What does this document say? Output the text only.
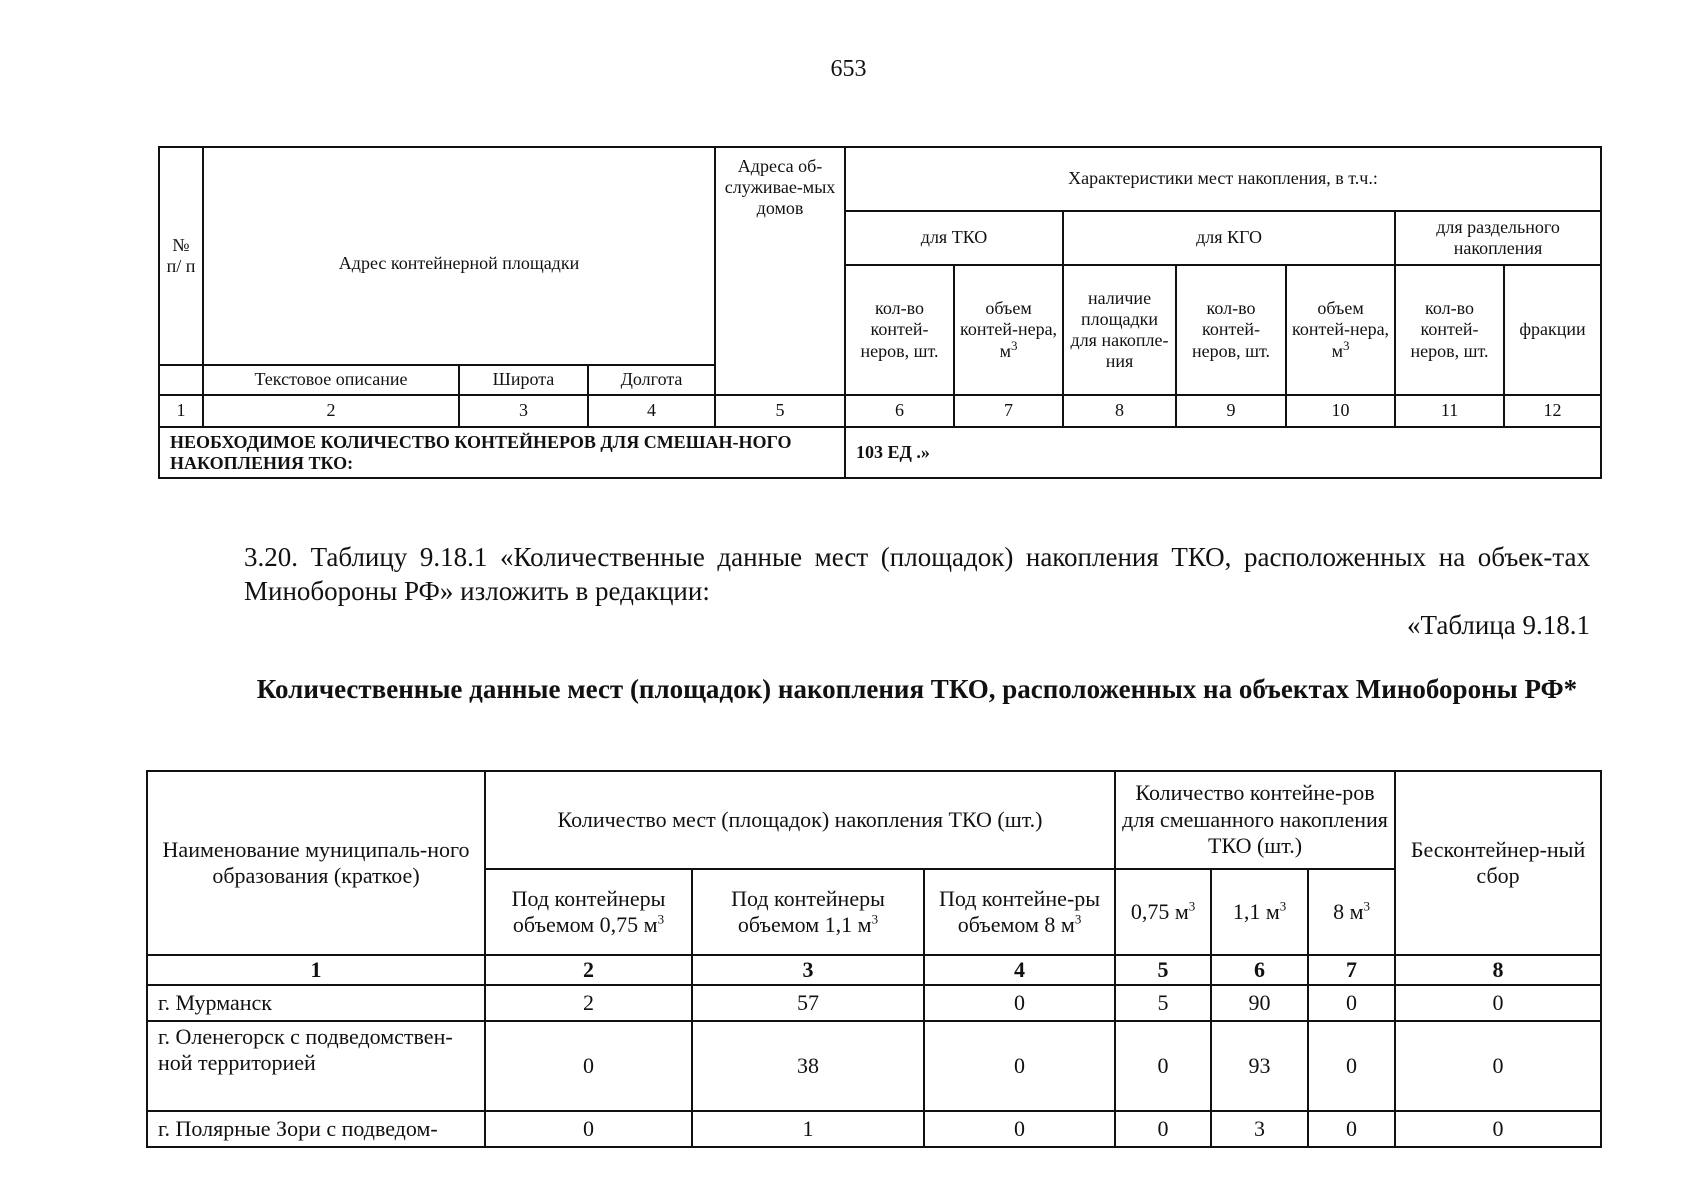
653
№ п/ п	Адрес контейнерной площадки			Адреса об-служивае-мых домов	Характеристики мест накопления, в т.ч.:						
					для ТКО		для КГО			для раздельного накопления	
					кол-во контей-неров, шт.	объем контей-нера, $м^3$	наличие площадки для накопле-ния	кол-во контей-неров, шт.	объем контей-нера, $м^3$	кол-во контей-неров, шт.	фракции
	Текстовое описание	Широта	Долгота								
1	2	3	4	5	6	7	8	9	10	11	12
НЕОБХОДИМОЕ КОЛИЧЕСТВО КОНТЕЙНЕРОВ ДЛЯ СМЕШАН-НОГО НАКОПЛЕНИЯ ТКО:					103 ЕД .»						
3.20. Таблицу 9.18.1 «Количественные данные мест (площадок) накопления ТКО, расположенных на объек-тах Минобороны РФ» изложить в редакции:
«Таблица 9.18.1
Количественные данные мест (площадок) накопления ТКО, расположенных на объектах Минобороны РФ*
Наименование муниципаль-ного образования (краткое)	Количество мест (площадок) накопления ТКО (шт.)			Количество контейне-ров для смешанного накопления ТКО (шт.)			Бесконтейнер-ный сбор
	Под контейнеры объемом 0,75 $м^3$	Под контейнеры объемом 1,1 $м^3$	Под контейне-ры объемом 8 $м^3$	0,75 $м^3$	1,1 $м^3$	8 $м^3$
1	2	3	4	5	6	7	8
г. Мурманск	2	57	0	5	90	0	0
г. Оленегорск с подведомствен-ной территорией	0	38	0	0	93	0	0
г. Полярные Зори с подведом-	0	1	0	0	3	0	0
